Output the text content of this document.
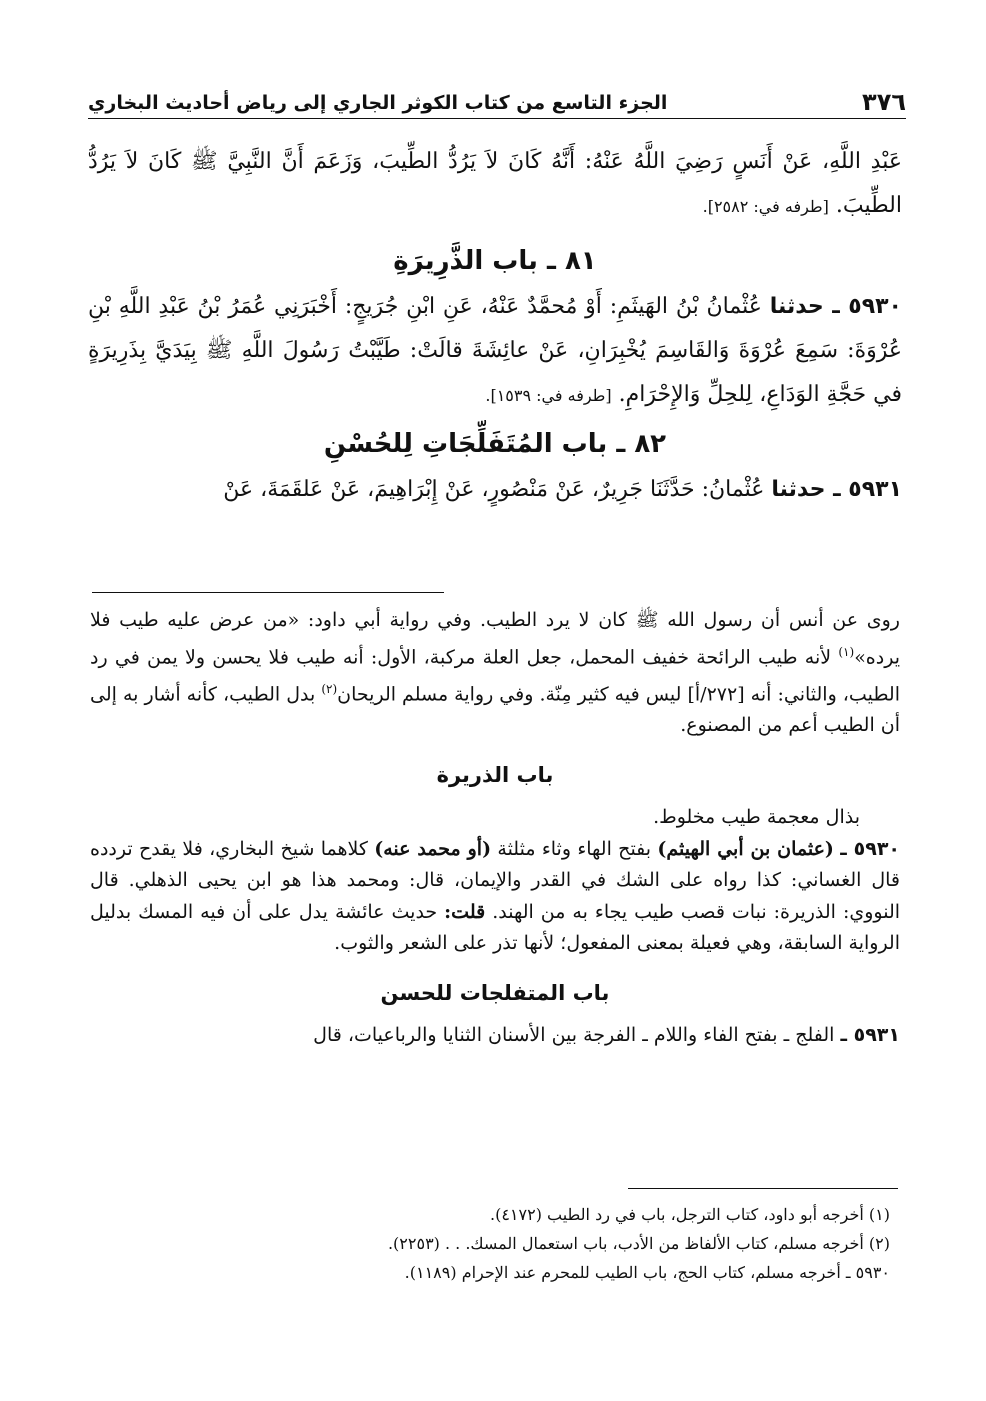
٣٧٦
الجزء التاسع من كتاب الكوثر الجاري إلى رياض أحاديث البخاري

عَبْدِ اللَّهِ، عَنْ أَنَسٍ رَضِيَ اللَّهُ عَنْهُ: أَنَّهُ كَانَ لاَ يَرُدُّ الطِّيبَ، وَزَعَمَ أَنَّ النَّبِيَّ ﷺ كَانَ لاَ يَرُدُّ الطِّيبَ. [طرفه في: ٢٥٨٢].

٨١ ـ باب الذَّرِيرَةِ

٥٩٣٠ ـ حدثنا عُثْمانُ بْنُ الهَيثَمِ: أَوْ مُحمَّدٌ عَنْهُ، عَنِ ابْنِ جُرَيجٍ: أَخْبَرَنِي عُمَرُ بْنُ عَبْدِ اللَّهِ بْنِ عُرْوَةَ: سَمِعَ عُرْوَةَ وَالقَاسِمَ يُخْبِرَانِ، عَنْ عائِشَةَ قالَتْ: طَيَّبْتُ رَسُولَ اللَّهِ ﷺ بِيَدَيَّ بِذَرِيرَةٍ في حَجَّةِ الوَدَاعِ، لِلحِلِّ وَالإِحْرَامِ. [طرفه في: ١٥٣٩].

٨٢ ـ باب المُتَفَلِّجَاتِ لِلحُسْنِ

٥٩٣١ ـ حدثنا عُثْمانُ: حَدَّثَنَا جَرِيرٌ، عَنْ مَنْصُورٍ، عَنْ إِبْرَاهِيمَ، عَنْ عَلقَمَةَ، عَنْ

روى عن أنس أن رسول الله ﷺ كان لا يرد الطيب. وفي رواية أبي داود: «من عرض عليه طيب فلا يرده»$^{(١)}$ لأنه طيب الرائحة خفيف المحمل، جعل العلة مركبة، الأول: أنه طيب فلا يحسن ولا يمن في رد الطيب، والثاني: أنه [٢٧٢/أ] ليس فيه كثير مِنّة. وفي رواية مسلم الريحان$^{(٢)}$ بدل الطيب، كأنه أشار به إلى أن الطيب أعم من المصنوع.

باب الذريرة

بذال معجمة طيب مخلوط.

٥٩٣٠ ـ (عثمان بن أبي الهيثم) بفتح الهاء وثاء مثلثة (أو محمد عنه) كلاهما شيخ البخاري، فلا يقدح تردده قال الغساني: كذا رواه على الشك في القدر والإيمان، قال: ومحمد هذا هو ابن يحيى الذهلي. قال النووي: الذريرة: نبات قصب طيب يجاء به من الهند. قلت: حديث عائشة يدل على أن فيه المسك بدليل الرواية السابقة، وهي فعيلة بمعنى المفعول؛ لأنها تذر على الشعر والثوب.

باب المتفلجات للحسن

٥٩٣١ ـ الفلج ـ بفتح الفاء واللام ـ الفرجة بين الأسنان الثنايا والرباعيات، قال

(١) أخرجه أبو داود، كتاب الترجل، باب في رد الطيب (٤١٧٢).

(٢) أخرجه مسلم، كتاب الألفاظ من الأدب، باب استعمال المسك. . . (٢٢٥٣).

٥٩٣٠ ـ أخرجه مسلم، كتاب الحج، باب الطيب للمحرم عند الإحرام (١١٨٩).
